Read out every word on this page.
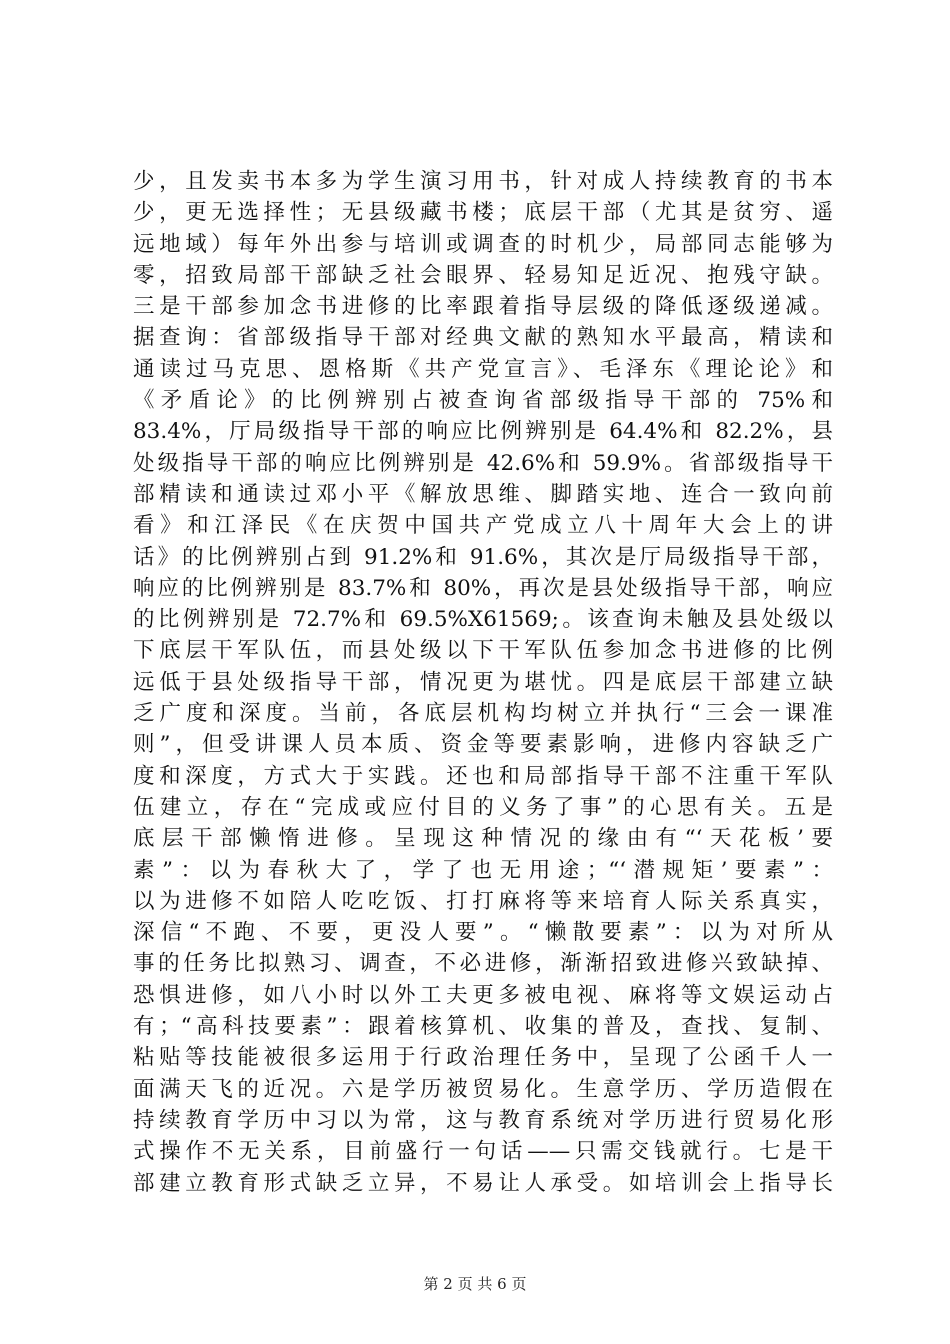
少，且发卖书本多为学生演习用书，针对成人持续教育的书本
少，更无选择性；无县级藏书楼；底层干部（尤其是贫穷、遥
远地域）每年外出参与培训或调查的时机少，局部同志能够为
零，招致局部干部缺乏社会眼界、轻易知足近况、抱残守缺。
三是干部参加念书进修的比率跟着指导层级的降低逐级递减。
据查询：省部级指导干部对经典文献的熟知水平最高，精读和
通读过马克思、恩格斯《共产党宣言》、毛泽东《理论论》和
《矛盾论》的比例辨别占被查询省部级指导干部的 75%和
83.4%，厅局级指导干部的响应比例辨别是 64.4%和 82.2%，县
处级指导干部的响应比例辨别是 42.6%和 59.9%。省部级指导干
部精读和通读过邓小平《解放思维、脚踏实地、连合一致向前
看》和江泽民《在庆贺中国共产党成立八十周年大会上的讲
话》的比例辨别占到 91.2%和 91.6%，其次是厅局级指导干部，
响应的比例辨别是 83.7%和 80%，再次是县处级指导干部，响应
的比例辨别是 72.7%和 69.5%X61569;。该查询未触及县处级以
下底层干军队伍，而县处级以下干军队伍参加念书进修的比例
远低于县处级指导干部，情况更为堪忧。四是底层干部建立缺
乏广度和深度。当前，各底层机构均树立并执行“三会一课准
则”，但受讲课人员本质、资金等要素影响，进修内容缺乏广
度和深度，方式大于实践。还也和局部指导干部不注重干军队
伍建立，存在“完成或应付目的义务了事”的心思有关。五是
底层干部懒惰进修。呈现这种情况的缘由有“‘天花板’要
素”：以为春秋大了，学了也无用途；“‘潜规矩’要素”：
以为进修不如陪人吃吃饭、打打麻将等来培育人际关系真实，
深信“不跑、不要，更没人要”。“懒散要素”：以为对所从
事的任务比拟熟习、调查，不必进修，渐渐招致进修兴致缺掉、
恐惧进修，如八小时以外工夫更多被电视、麻将等文娱运动占
有；“高科技要素”：跟着核算机、收集的普及，查找、复制、
粘贴等技能被很多运用于行政治理任务中，呈现了公函千人一
面满天飞的近况。六是学历被贸易化。生意学历、学历造假在
持续教育学历中习以为常，这与教育系统对学历进行贸易化形
式操作不无关系，目前盛行一句话——只需交钱就行。七是干
部建立教育形式缺乏立异，不易让人承受。如培训会上指导长
第 2 页 共 6 页
